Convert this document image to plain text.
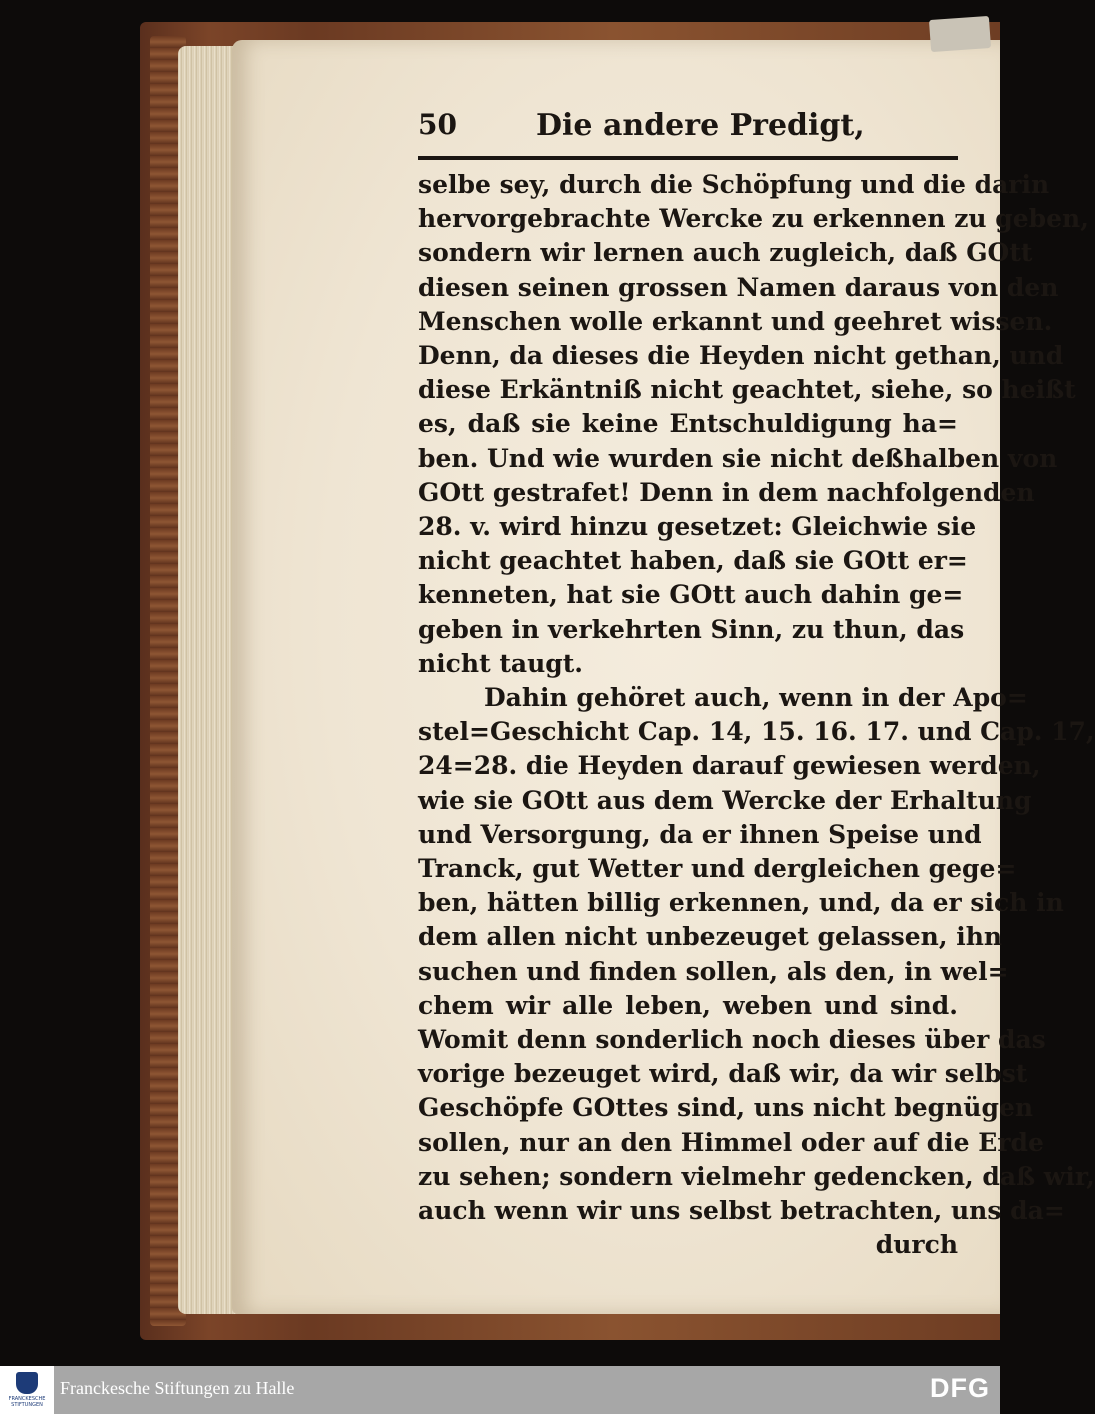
50	Die andere Predigt,
selbe sey, durch die Schöpfung und die darin
hervorgebrachte Wercke zu erkennen zu geben,
sondern wir lernen auch zugleich, daß GOtt
diesen seinen grossen Namen daraus von den
Menschen wolle erkannt und geehret wissen.
Denn, da dieses die Heyden nicht gethan, und
diese Erkäntniß nicht geachtet, siehe, so heißt
es, daß sie keine Entschuldigung ha=
ben. Und wie wurden sie nicht deßhalben von
GOtt gestrafet! Denn in dem nachfolgenden
28. v. wird hinzu gesetzet: Gleichwie sie
nicht geachtet haben, daß sie GOtt er=
kenneten, hat sie GOtt auch dahin ge=
geben in verkehrten Sinn, zu thun, das
nicht taugt.
Dahin gehöret auch, wenn in der Apo=
stel=Geschicht Cap. 14, 15. 16. 17. und Cap. 17,
24=28. die Heyden darauf gewiesen werden,
wie sie GOtt aus dem Wercke der Erhaltung
und Versorgung, da er ihnen Speise und
Tranck, gut Wetter und dergleichen gege=
ben, hätten billig erkennen, und, da er sich in
dem allen nicht unbezeuget gelassen, ihn
suchen und finden sollen, als den, in wel=
chem wir alle leben, weben und sind.
Womit denn sonderlich noch dieses über das
vorige bezeuget wird, daß wir, da wir selbst
Geschöpfe GOttes sind, uns nicht begnügen
sollen, nur an den Himmel oder auf die Erde
zu sehen; sondern vielmehr gedencken, daß wir,
auch wenn wir uns selbst betrachten, uns da=
durch
FRANCKESCHE STIFTUNGEN
Franckesche Stiftungen zu Halle	DFG
